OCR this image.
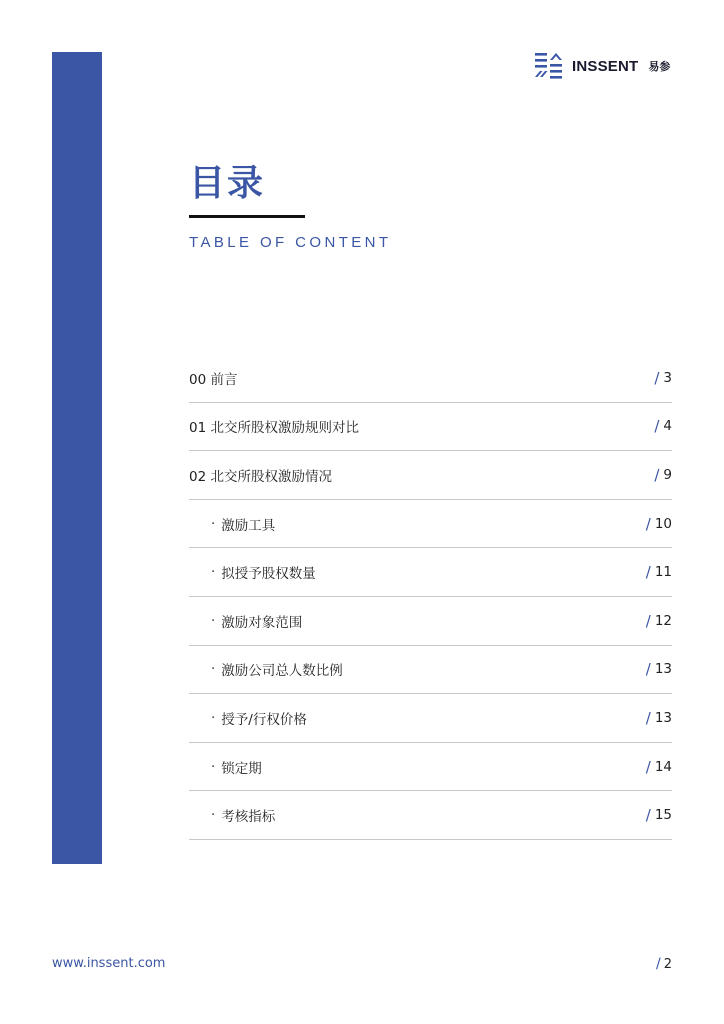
INSSENT 易参
目录
TABLE OF CONTENT
00 前言	/ 3
01 北交所股权激励规则对比	/ 4
02 北交所股权激励情况	/ 9
· 激励工具	/ 10
· 拟授予股权数量	/ 11
· 激励对象范围	/ 12
· 激励公司总人数比例	/ 13
· 授予/行权价格	/ 13
· 锁定期	/ 14
· 考核指标	/ 15
www.inssent.com	/ 2
